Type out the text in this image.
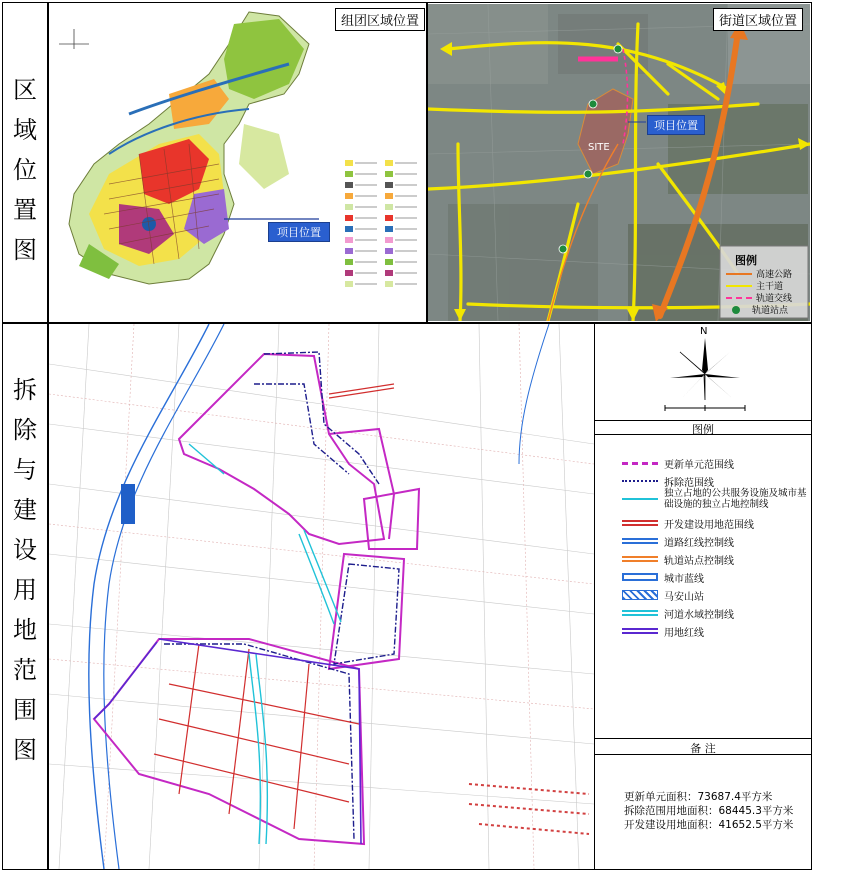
区
域
位
置
图
拆
除
与
建
设
用
地
范
围
图
组团区域位置
项目位置
街道区域位置
项目位置
SITE
图例
高速公路
主干道
轨道交线
轨道站点
N
图例
更新单元范围线
拆除范围线
独立占地的公共服务设施及城市基础设施的独立占地控制线
开发建设用地范围线
道路红线控制线
轨道站点控制线
城市蓝线
马安山站
河道水域控制线
用地红线
备 注
更新单元面积：73687.4平方米
拆除范围用地面积：68445.3平方米
开发建设用地面积：41652.5平方米
